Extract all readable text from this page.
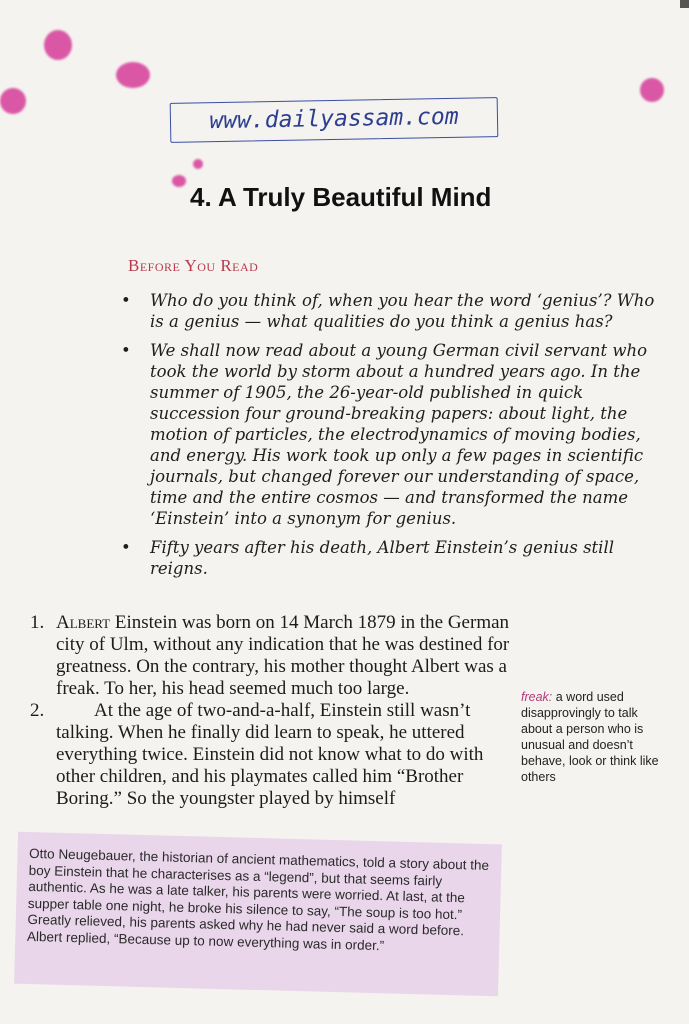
www.dailyassam.com
4. A Truly Beautiful Mind
Before You Read
• Who do you think of, when you hear the word ‘genius’? Who is a genius — what qualities do you think a genius has?
• We shall now read about a young German civil servant who took the world by storm about a hundred years ago. In the summer of 1905, the 26-year-old published in quick succession four ground-breaking papers: about light, the motion of particles, the electrodynamics of moving bodies, and energy. His work took up only a few pages in scientific journals, but changed forever our understanding of space, time and the entire cosmos — and transformed the name ‘Einstein’ into a synonym for genius.
• Fifty years after his death, Albert Einstein’s genius still reigns.

1. Albert Einstein was born on 14 March 1879 in the German city of Ulm, without any indication that he was destined for greatness. On the contrary, his mother thought Albert was a freak. To her, his head seemed much too large.

2.	At the age of two-and-a-half, Einstein still wasn’t talking. When he finally did learn to speak, he uttered everything twice. Einstein did not know what to do with other children, and his playmates called him “Brother Boring.” So the youngster played by himself

freak: a word used disapprovingly to talk about a person who is unusual and doesn’t behave, look or think like others
Otto Neugebauer, the historian of ancient mathematics, told a story about the boy Einstein that he characterises as a “legend”, but that seems fairly authentic. As he was a late talker, his parents were worried. At last, at the supper table one night, he broke his silence to say, “The soup is too hot.” Greatly relieved, his parents asked why he had never said a word before. Albert replied, “Because up to now everything was in order.”
